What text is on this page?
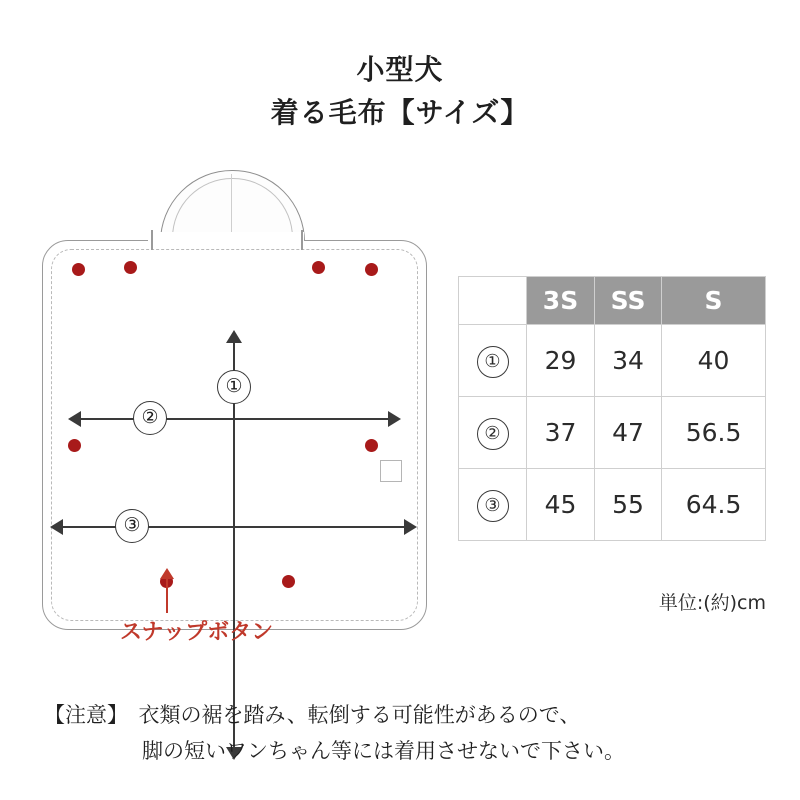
小型犬
着る毛布【サイズ】
①
②
③
スナップボタン
	3S	SS	S
①	29	34	40
②	37	47	56.5
③	45	55	64.5
単位:(約)cm
【注意】　衣類の裾を踏み、転倒する可能性があるので、
脚の短いワンちゃん等には着用させないで下さい。
